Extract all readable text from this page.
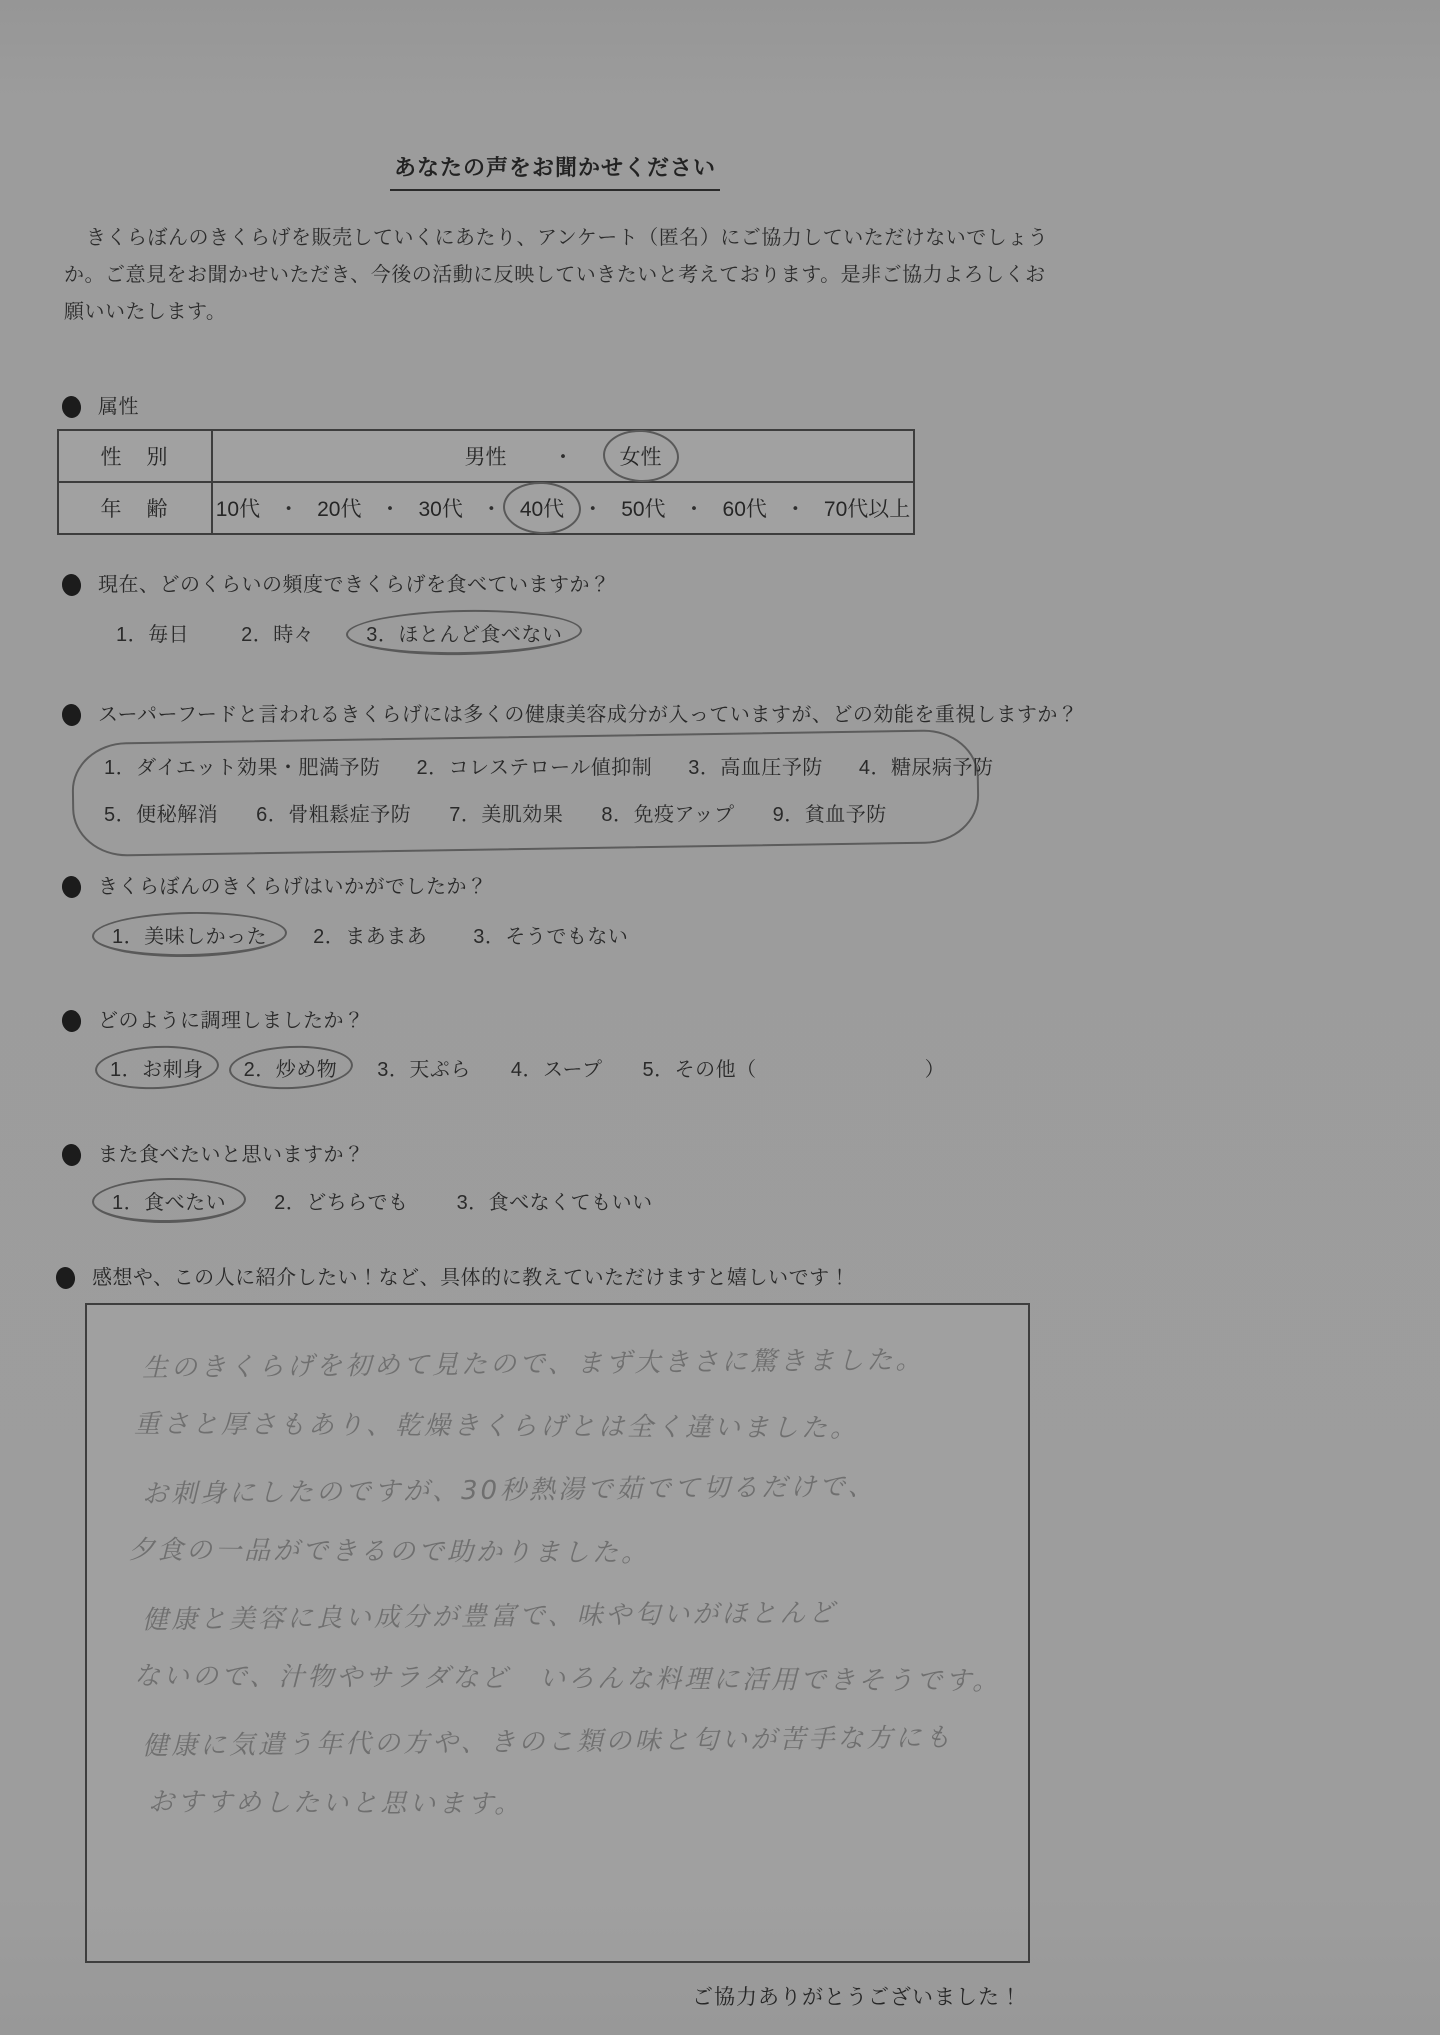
あなたの声をお聞かせください

きくらぼんのきくらげを販売していくにあたり、アンケート（匿名）にご協力していただけないでしょうか。ご意見をお聞かせいただき、今後の活動に反映していきたいと考えております。是非ご協力よろしくお願いいたします。

属性
性　別	男性 ・ 女性

年　齢	10代 ・ 20代 ・ 30代 ・ 40代 ・ 50代 ・ 60代 ・ 70代以上
現在、どのくらいの頻度できくらげを食べていますか？
1．毎日	2．時々	3．ほとんど食べない
スーパーフードと言われるきくらげには多くの健康美容成分が入っていますが、どの効能を重視しますか？
1．ダイエット効果・肥満予防 2．コレステロール値抑制 3．高血圧予防 4．糖尿病予防
5．便秘解消 6．骨粗鬆症予防 7．美肌効果 8．免疫アップ 9．貧血予防
きくらぼんのきくらげはいかがでしたか？
1．美味しかった 2．まあまあ 3．そうでもない
どのように調理しましたか？
1．お刺身 2．炒め物 3．天ぷら 4．スープ 5．その他（	）
また食べたいと思いますか？
1．食べたい 2．どちらでも 3．食べなくてもいい
感想や、この人に紹介したい！など、具体的に教えていただけますと嬉しいです！
生のきくらげを初めて見たので、まず大きさに驚きました。
重さと厚さもあり、乾燥きくらげとは全く違いました。
お刺身にしたのですが、30秒熱湯で茹でて切るだけで、
夕食の一品ができるので助かりました。
健康と美容に良い成分が豊富で、味や匂いがほとんど
ないので、汁物やサラダなど　いろんな料理に活用できそうです。
健康に気遣う年代の方や、きのこ類の味と匂いが苦手な方にも
おすすめしたいと思います。
ご協力ありがとうございました！
